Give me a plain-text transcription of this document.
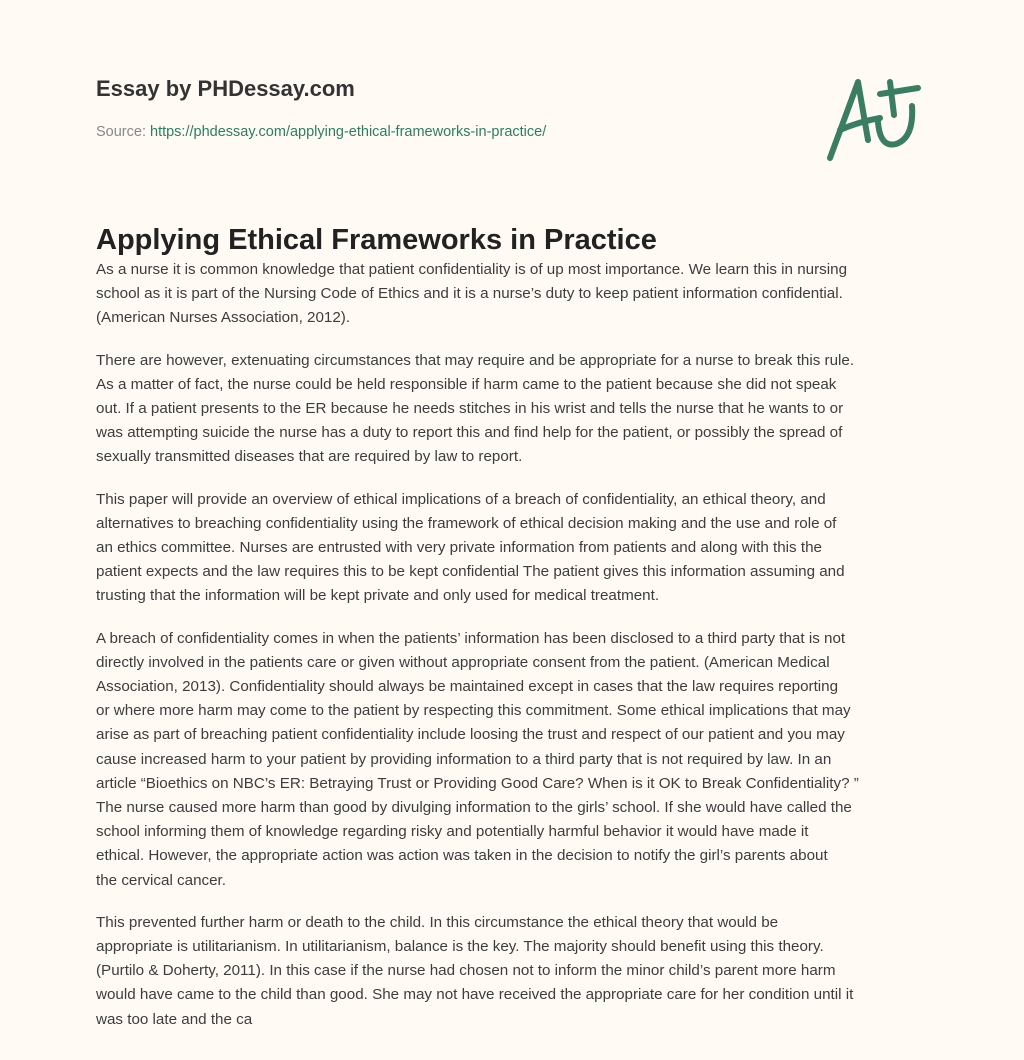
Essay by PHDessay.com
Source: https://phdessay.com/applying-ethical-frameworks-in-practice/
Applying Ethical Frameworks in Practice

As a nurse it is common knowledge that patient confidentiality is of up most importance. We learn this in nursing
school as it is part of the Nursing Code of Ethics and it is a nurse’s duty to keep patient information confidential.
(American Nurses Association, 2012).

There are however, extenuating circumstances that may require and be appropriate for a nurse to break this rule.
As a matter of fact, the nurse could be held responsible if harm came to the patient because she did not speak
out. If a patient presents to the ER because he needs stitches in his wrist and tells the nurse that he wants to or
was attempting suicide the nurse has a duty to report this and find help for the patient, or possibly the spread of
sexually transmitted diseases that are required by law to report.

This paper will provide an overview of ethical implications of a breach of confidentiality, an ethical theory, and
alternatives to breaching confidentiality using the framework of ethical decision making and the use and role of
an ethics committee. Nurses are entrusted with very private information from patients and along with this the
patient expects and the law requires this to be kept confidential The patient gives this information assuming and
trusting that the information will be kept private and only used for medical treatment.

A breach of confidentiality comes in when the patients’ information has been disclosed to a third party that is not
directly involved in the patients care or given without appropriate consent from the patient. (American Medical
Association, 2013). Confidentiality should always be maintained except in cases that the law requires reporting
or where more harm may come to the patient by respecting this commitment. Some ethical implications that may
arise as part of breaching patient confidentiality include loosing the trust and respect of our patient and you may
cause increased harm to your patient by providing information to a third party that is not required by law. In an
article “Bioethics on NBC’s ER: Betraying Trust or Providing Good Care? When is it OK to Break Confidentiality? ”
The nurse caused more harm than good by divulging information to the girls’ school. If she would have called the
school informing them of knowledge regarding risky and potentially harmful behavior it would have made it
ethical. However, the appropriate action was action was taken in the decision to notify the girl’s parents about
the cervical cancer.

This prevented further harm or death to the child. In this circumstance the ethical theory that would be
appropriate is utilitarianism. In utilitarianism, balance is the key. The majority should benefit using this theory.
(Purtilo & Doherty, 2011). In this case if the nurse had chosen not to inform the minor child’s parent more harm
would have came to the child than good. She may not have received the appropriate care for her condition until it
was too late and the ca
